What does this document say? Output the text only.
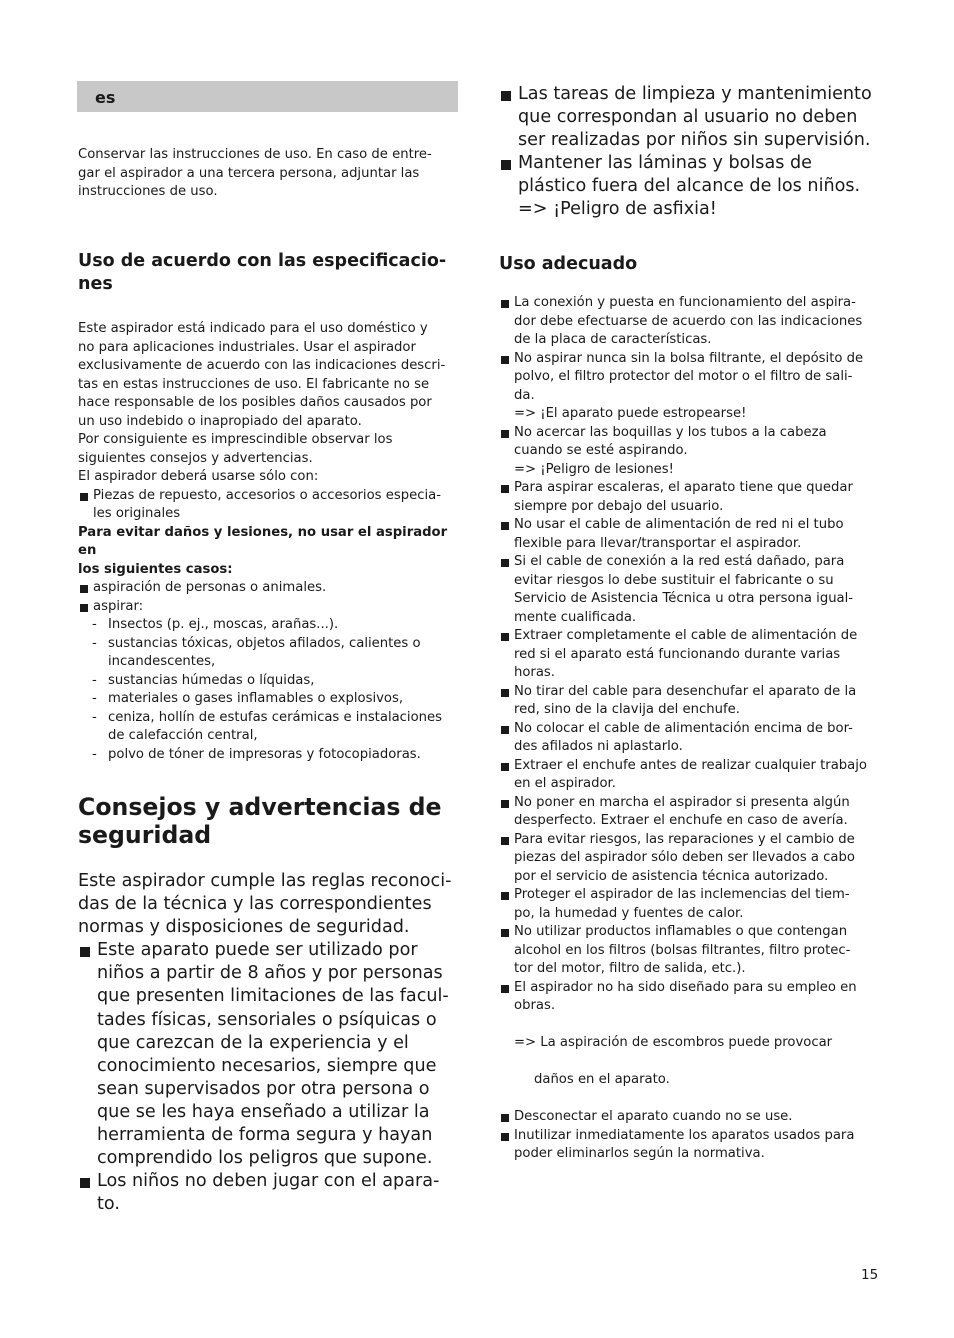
es

Conservar las instrucciones de uso. En caso de entre-
gar el aspirador a una tercera persona, adjuntar las
instrucciones de uso.

Uso de acuerdo con las especificacio-
nes

Este aspirador está indicado para el uso doméstico y
no para aplicaciones industriales. Usar el aspirador
exclusivamente de acuerdo con las indicaciones descri-
tas en estas instrucciones de uso. El fabricante no se
hace responsable de los posibles daños causados por
un uso indebido o inapropiado del aparato.
Por consiguiente es imprescindible observar los
siguientes consejos y advertencias.
El aspirador deberá usarse sólo con:

Piezas de repuesto, accesorios o accesorios especia-
les originales

Para evitar daños y lesiones, no usar el aspirador en
los siguientes casos:

aspiración de personas o animales.
aspirar:
- Insectos (p. ej., moscas, arañas...).
- sustancias tóxicas, objetos afilados, calientes o
incandescentes,
- sustancias húmedas o líquidas,
- materiales o gases inflamables o explosivos,
- ceniza, hollín de estufas cerámicas e instalaciones
de calefacción central,
- polvo de tóner de impresoras y fotocopiadoras.

Consejos y advertencias de
seguridad

Este aspirador cumple las reglas reconoci-
das de la técnica y las correspondientes
normas y disposiciones de seguridad.

Este aparato puede ser utilizado por
niños a partir de 8 años y por personas
que presenten limitaciones de las facul-
tades físicas, sensoriales o psíquicas o
que carezcan de la experiencia y el
conocimiento necesarios, siempre que
sean supervisados por otra persona o
que se les haya enseñado a utilizar la
herramienta de forma segura y hayan
comprendido los peligros que supone.
Los niños no deben jugar con el apara-
to.
Las tareas de limpieza y mantenimiento
que correspondan al usuario no deben
ser realizadas por niños sin supervisión.
Mantener las láminas y bolsas de
plástico fuera del alcance de los niños.
=> ¡Peligro de asfixia!

Uso adecuado

La conexión y puesta en funcionamiento del aspira-
dor debe efectuarse de acuerdo con las indicaciones
de la placa de características.
No aspirar nunca sin la bolsa filtrante, el depósito de
polvo, el filtro protector del motor o el filtro de sali-
da.
=> ¡El aparato puede estropearse!
No acercar las boquillas y los tubos a la cabeza
cuando se esté aspirando.
=> ¡Peligro de lesiones!
Para aspirar escaleras, el aparato tiene que quedar
siempre por debajo del usuario.
No usar el cable de alimentación de red ni el tubo
flexible para llevar/transportar el aspirador.
Si el cable de conexión a la red está dañado, para
evitar riesgos lo debe sustituir el fabricante o su
Servicio de Asistencia Técnica u otra persona igual-
mente cualificada.
Extraer completamente el cable de alimentación de
red si el aparato está funcionando durante varias
horas.
No tirar del cable para desenchufar el aparato de la
red, sino de la clavija del enchufe.
No colocar el cable de alimentación encima de bor-
des afilados ni aplastarlo.
Extraer el enchufe antes de realizar cualquier trabajo
en el aspirador.
No poner en marcha el aspirador si presenta algún
desperfecto. Extraer el enchufe en caso de avería.
Para evitar riesgos, las reparaciones y el cambio de
piezas del aspirador sólo deben ser llevados a cabo
por el servicio de asistencia técnica autorizado.
Proteger el aspirador de las inclemencias del tiem-
po, la humedad y fuentes de calor.
No utilizar productos inflamables o que contengan
alcohol en los filtros (bolsas filtrantes, filtro protec-
tor del motor, filtro de salida, etc.).
El aspirador no ha sido diseñado para su empleo en
obras.

=> La aspiración de escombros puede provocar

daños en el aparato.

Desconectar el aparato cuando no se use.
Inutilizar inmediatamente los aparatos usados para
poder eliminarlos según la normativa.
15
